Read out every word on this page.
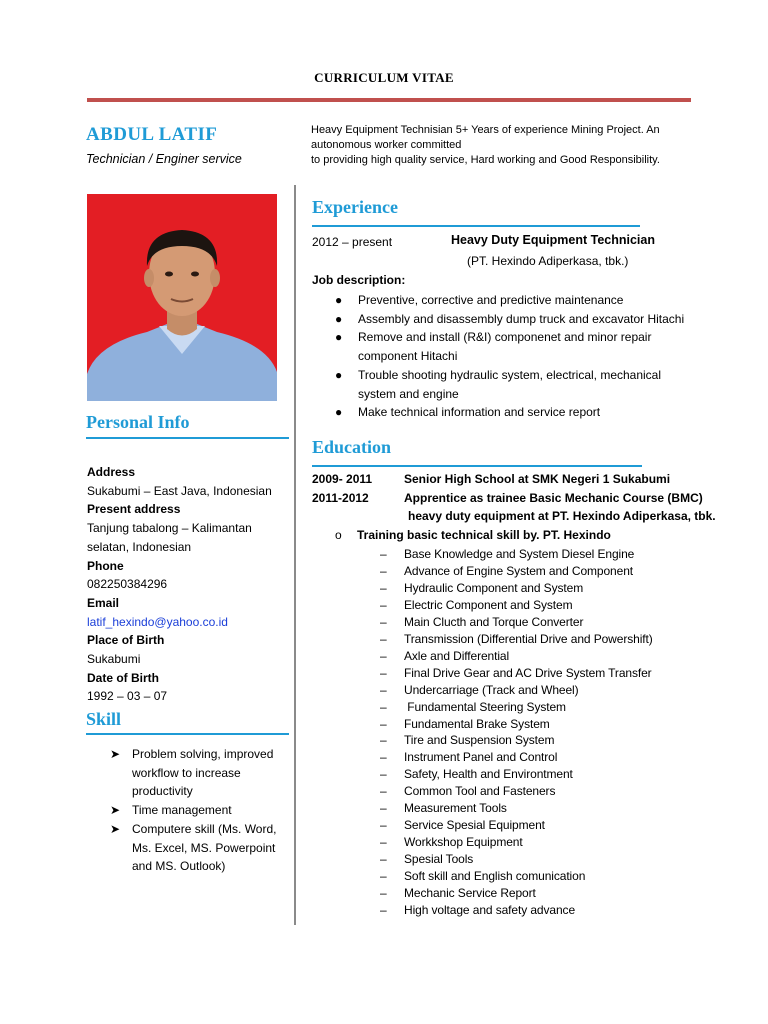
CURRICULUM VITAE
ABDUL LATIF
Technician / Enginer service
Heavy Equipment Technisian 5+ Years of experience Mining Project. An autonomous worker committed
to providing high quality service, Hard working and Good Responsibility.
Personal Info
Address
Sukabumi – East Java, Indonesian
Present address
Tanjung tabalong – Kalimantan selatan, Indonesian
Phone
082250384296
Email
latif_hexindo@yahoo.co.id
Place of Birth
Sukabumi
Date of Birth
1992 – 03 – 07
Skill
➤ Problem solving, improved workflow to increase productivity
➤ Time management
➤ Computere skill (Ms. Word, Ms. Excel, MS. Powerpoint and MS. Outlook)
Experience
2012 – present	Heavy Duty Equipment Technician
(PT. Hexindo Adiperkasa, tbk.)
Job description:
● Preventive, corrective and predictive maintenance
● Assembly and disassembly dump truck and excavator Hitachi
● Remove and install (R&I) componenet and minor repair component Hitachi
● Trouble shooting hydraulic system, electrical, mechanical system and engine
● Make technical information and service report
Education
2009- 2011	Senior High School at SMK Negeri 1 Sukabumi
2011-2012	Apprentice as trainee Basic Mechanic Course (BMC)
heavy duty equipment at PT. Hexindo Adiperkasa, tbk.
o Training basic technical skill by. PT. Hexindo
– Base Knowledge and System Diesel Engine
– Advance of Engine System and Component
– Hydraulic Component and System
– Electric Component and System
– Main Clucth and Torque Converter
– Transmission (Differential Drive and Powershift)
– Axle and Differential
– Final Drive Gear and AC Drive System Transfer
– Undercarriage (Track and Wheel)
– Fundamental Steering System
– Fundamental Brake System
– Tire and Suspension System
– Instrument Panel and Control
– Safety, Health and Environtment
– Common Tool and Fasteners
– Measurement Tools
– Service Spesial Equipment
– Workkshop Equipment
– Spesial Tools
– Soft skill and English comunication
– Mechanic Service Report
– High voltage and safety advance
